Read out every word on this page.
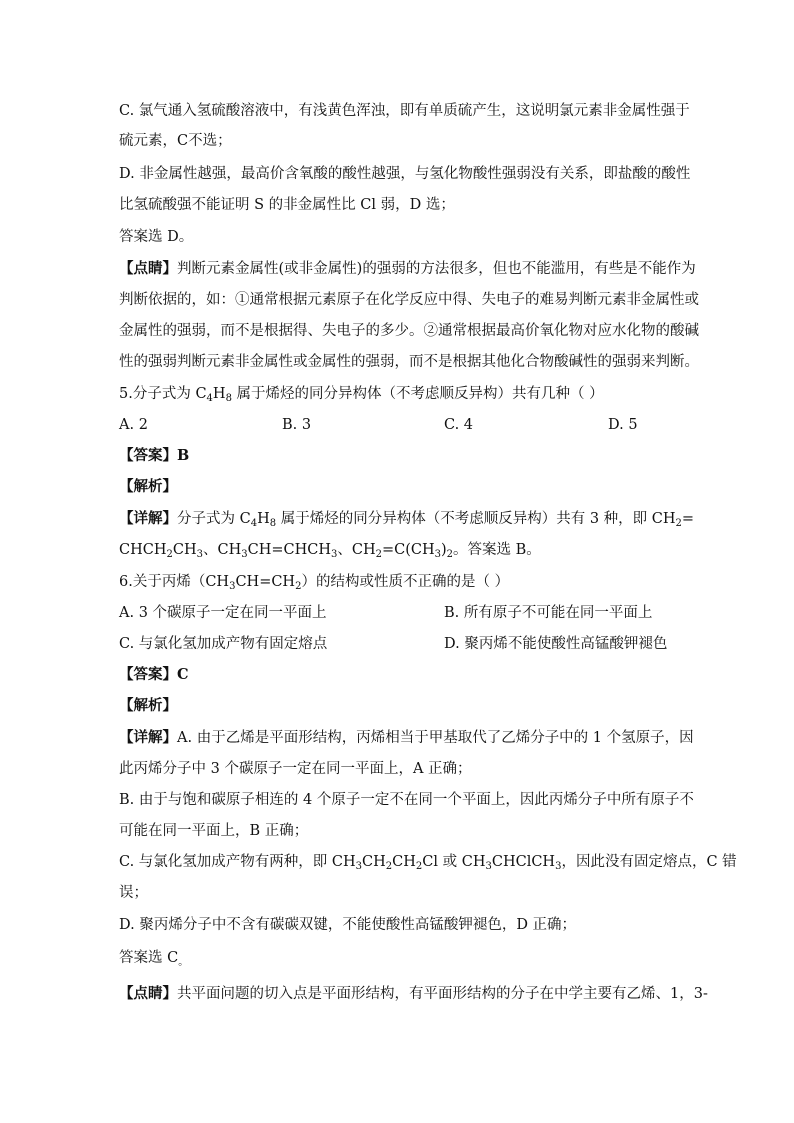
C. 氯气通入氢硫酸溶液中，有浅黄色浑浊，即有单质硫产生，这说明氯元素非金属性强于
硫元素，C不选；
D. 非金属性越强，最高价含氧酸的酸性越强，与氢化物酸性强弱没有关系，即盐酸的酸性
比氢硫酸强不能证明 S 的非金属性比 Cl 弱，D 选；
答案选 D。
【点睛】判断元素金属性(或非金属性)的强弱的方法很多，但也不能滥用，有些是不能作为
判断依据的，如：①通常根据元素原子在化学反应中得、失电子的难易判断元素非金属性或
金属性的强弱，而不是根据得、失电子的多少。②通常根据最高价氧化物对应水化物的酸碱
性的强弱判断元素非金属性或金属性的强弱，而不是根据其他化合物酸碱性的强弱来判断。
5.分子式为 $C_4H_8$ 属于烯烃的同分异构体（不考虑顺反异构）共有几种（ ）
A. 2	B. 3	C. 4	D. 5
【答案】B
【解析】
【详解】分子式为 $C_4H_8$ 属于烯烃的同分异构体（不考虑顺反异构）共有 3 种，即 $CH_2=$
$CHCH_2CH_3$、$CH_3CH=CHCH_3$、$CH_2=C(CH_3)_2$。答案选 B。
6.关于丙烯$(CH_3CH=CH_2)$的结构或性质不正确的是（ ）
A. 3 个碳原子一定在同一平面上	B. 所有原子不可能在同一平面上
C. 与氯化氢加成产物有固定熔点	D. 聚丙烯不能使酸性高锰酸钾褪色
【答案】C
【解析】
【详解】A. 由于乙烯是平面形结构，丙烯相当于甲基取代了乙烯分子中的 1 个氢原子，因
此丙烯分子中 3 个碳原子一定在同一平面上，A 正确；
B. 由于与饱和碳原子相连的 4 个原子一定不在同一个平面上，因此丙烯分子中所有原子不
可能在同一平面上，B 正确；
C. 与氯化氢加成产物有两种，即 $CH_3CH_2CH_2Cl$ 或 $CH_3CHClCH_3$，因此没有固定熔点，C 错
误；
D. 聚丙烯分子中不含有碳碳双键，不能使酸性高锰酸钾褪色，D 正确；
答案选 $C_。$
【点睛】共平面问题的切入点是平面形结构，有平面形结构的分子在中学主要有乙烯、1，3-
